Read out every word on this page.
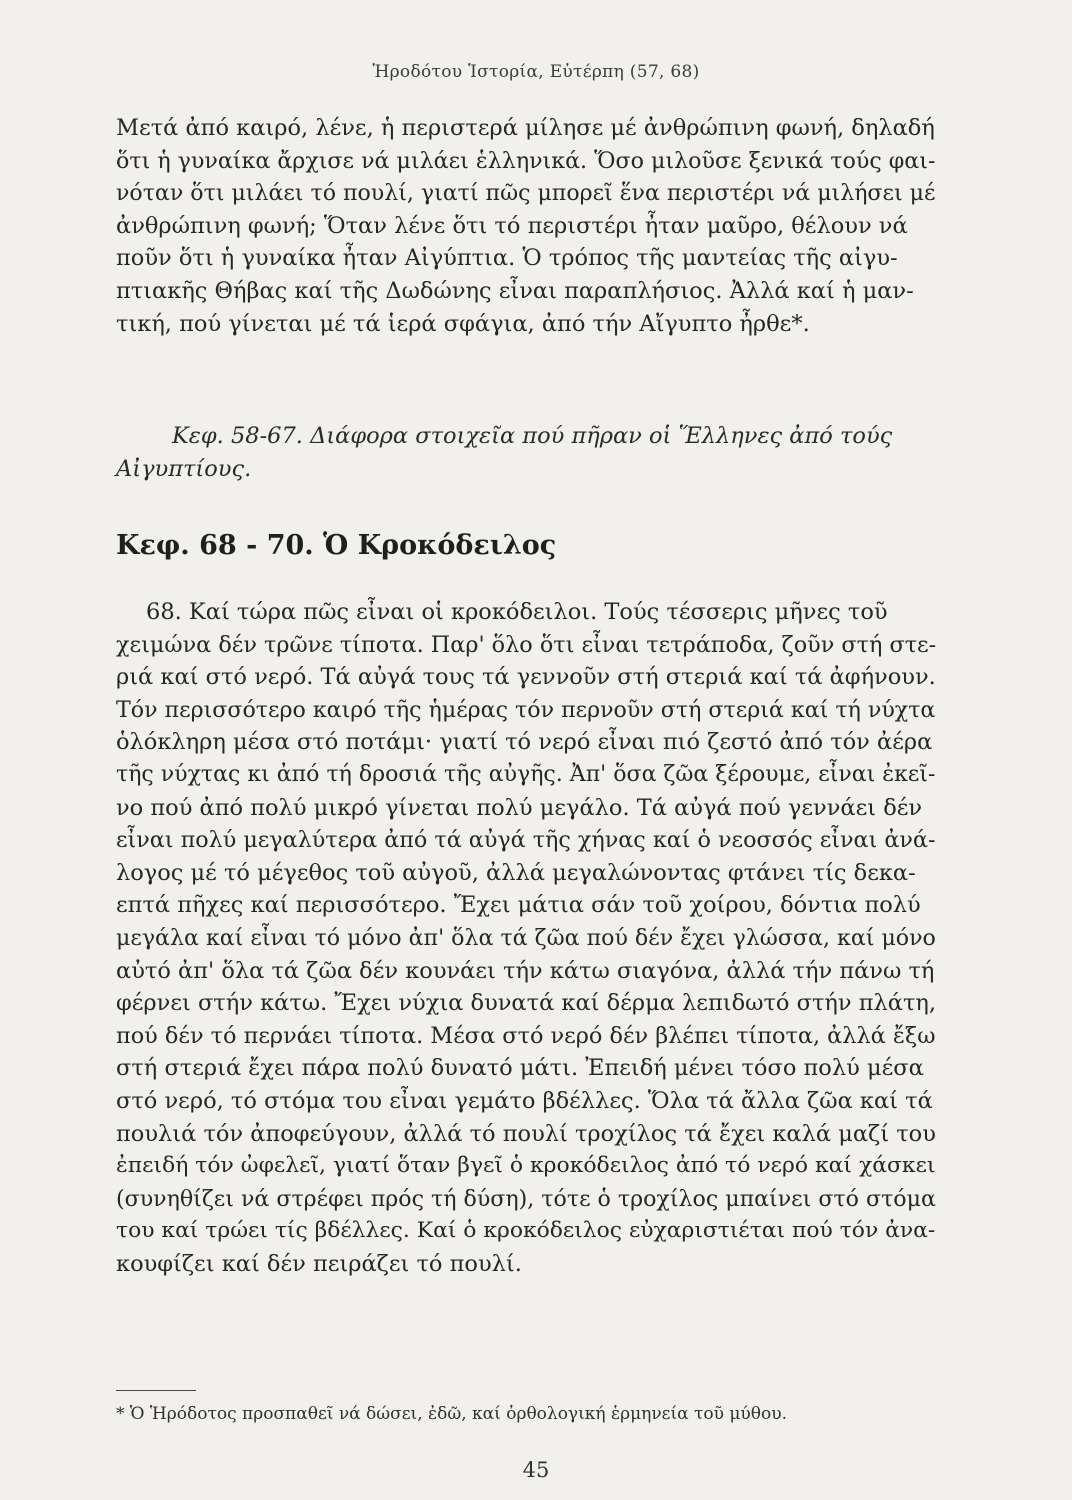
Ἡροδότου Ἱστορία, Εὐτέρπη (57, 68)
Μετά ἀπό καιρό, λένε, ἡ περιστερά μίλησε μέ ἀνθρώπινη φωνή, δηλαδή
ὅτι ἡ γυναίκα ἄρχισε νά μιλάει ἑλληνικά. Ὅσο μιλοῦσε ξενικά τούς φαι-
νόταν ὅτι μιλάει τό πουλί, γιατί πῶς μπορεῖ ἕνα περιστέρι νά μιλήσει μέ
ἀνθρώπινη φωνή; Ὅταν λένε ὅτι τό περιστέρι ἦταν μαῦρο, θέλουν νά
ποῦν ὅτι ἡ γυναίκα ἦταν Αἰγύπτια. Ὁ τρόπος τῆς μαντείας τῆς αἰγυ-
πτιακῆς Θήβας καί τῆς Δωδώνης εἶναι παραπλήσιος. Ἀλλά καί ἡ μαν-
τική, πού γίνεται μέ τά ἱερά σφάγια, ἀπό τήν Αἴγυπτο ἦρθε*.
Κεφ. 58-67. Διάφορα στοιχεῖα πού πῆραν οἱ Ἕλληνες ἀπό τούς
Αἰγυπτίους.
Κεφ. 68 - 70. Ὁ Κροκόδειλος
68. Καί τώρα πῶς εἶναι οἱ κροκόδειλοι. Τούς τέσσερις μῆνες τοῦ
χειμώνα δέν τρῶνε τίποτα. Παρ' ὅλο ὅτι εἶναι τετράποδα, ζοῦν στή στε-
ριά καί στό νερό. Τά αὐγά τους τά γεννοῦν στή στεριά καί τά ἀφήνουν.
Τόν περισσότερο καιρό τῆς ἡμέρας τόν περνοῦν στή στεριά καί τή νύχτα
ὁλόκληρη μέσα στό ποτάμι· γιατί τό νερό εἶναι πιό ζεστό ἀπό τόν ἀέρα
τῆς νύχτας κι ἀπό τή δροσιά τῆς αὐγῆς. Ἀπ' ὅσα ζῶα ξέρουμε, εἶναι ἐκεῖ-
νο πού ἀπό πολύ μικρό γίνεται πολύ μεγάλο. Τά αὐγά πού γεννάει δέν
εἶναι πολύ μεγαλύτερα ἀπό τά αὐγά τῆς χήνας καί ὁ νεοσσός εἶναι ἀνά-
λογος μέ τό μέγεθος τοῦ αὐγοῦ, ἀλλά μεγαλώνοντας φτάνει τίς δεκα-
επτά πῆχες καί περισσότερο. Ἔχει μάτια σάν τοῦ χοίρου, δόντια πολύ
μεγάλα καί εἶναι τό μόνο ἀπ' ὅλα τά ζῶα πού δέν ἔχει γλώσσα, καί μόνο
αὐτό ἀπ' ὅλα τά ζῶα δέν κουνάει τήν κάτω σιαγόνα, ἀλλά τήν πάνω τή
φέρνει στήν κάτω. Ἔχει νύχια δυνατά καί δέρμα λεπιδωτό στήν πλάτη,
πού δέν τό περνάει τίποτα. Μέσα στό νερό δέν βλέπει τίποτα, ἀλλά ἔξω
στή στεριά ἔχει πάρα πολύ δυνατό μάτι. Ἐπειδή μένει τόσο πολύ μέσα
στό νερό, τό στόμα του εἶναι γεμάτο βδέλλες. Ὅλα τά ἄλλα ζῶα καί τά
πουλιά τόν ἀποφεύγουν, ἀλλά τό πουλί τροχίλος τά ἔχει καλά μαζί του
ἐπειδή τόν ὠφελεῖ, γιατί ὅταν βγεῖ ὁ κροκόδειλος ἀπό τό νερό καί χάσκει
(συνηθίζει νά στρέφει πρός τή δύση), τότε ὁ τροχίλος μπαίνει στό στόμα
του καί τρώει τίς βδέλλες. Καί ὁ κροκόδειλος εὐχαριστιέται πού τόν ἀνα-
κουφίζει καί δέν πειράζει τό πουλί.
* Ὁ Ἡρόδοτος προσπαθεῖ νά δώσει, ἐδῶ, καί ὀρθολογική ἑρμηνεία τοῦ μύθου.
45
